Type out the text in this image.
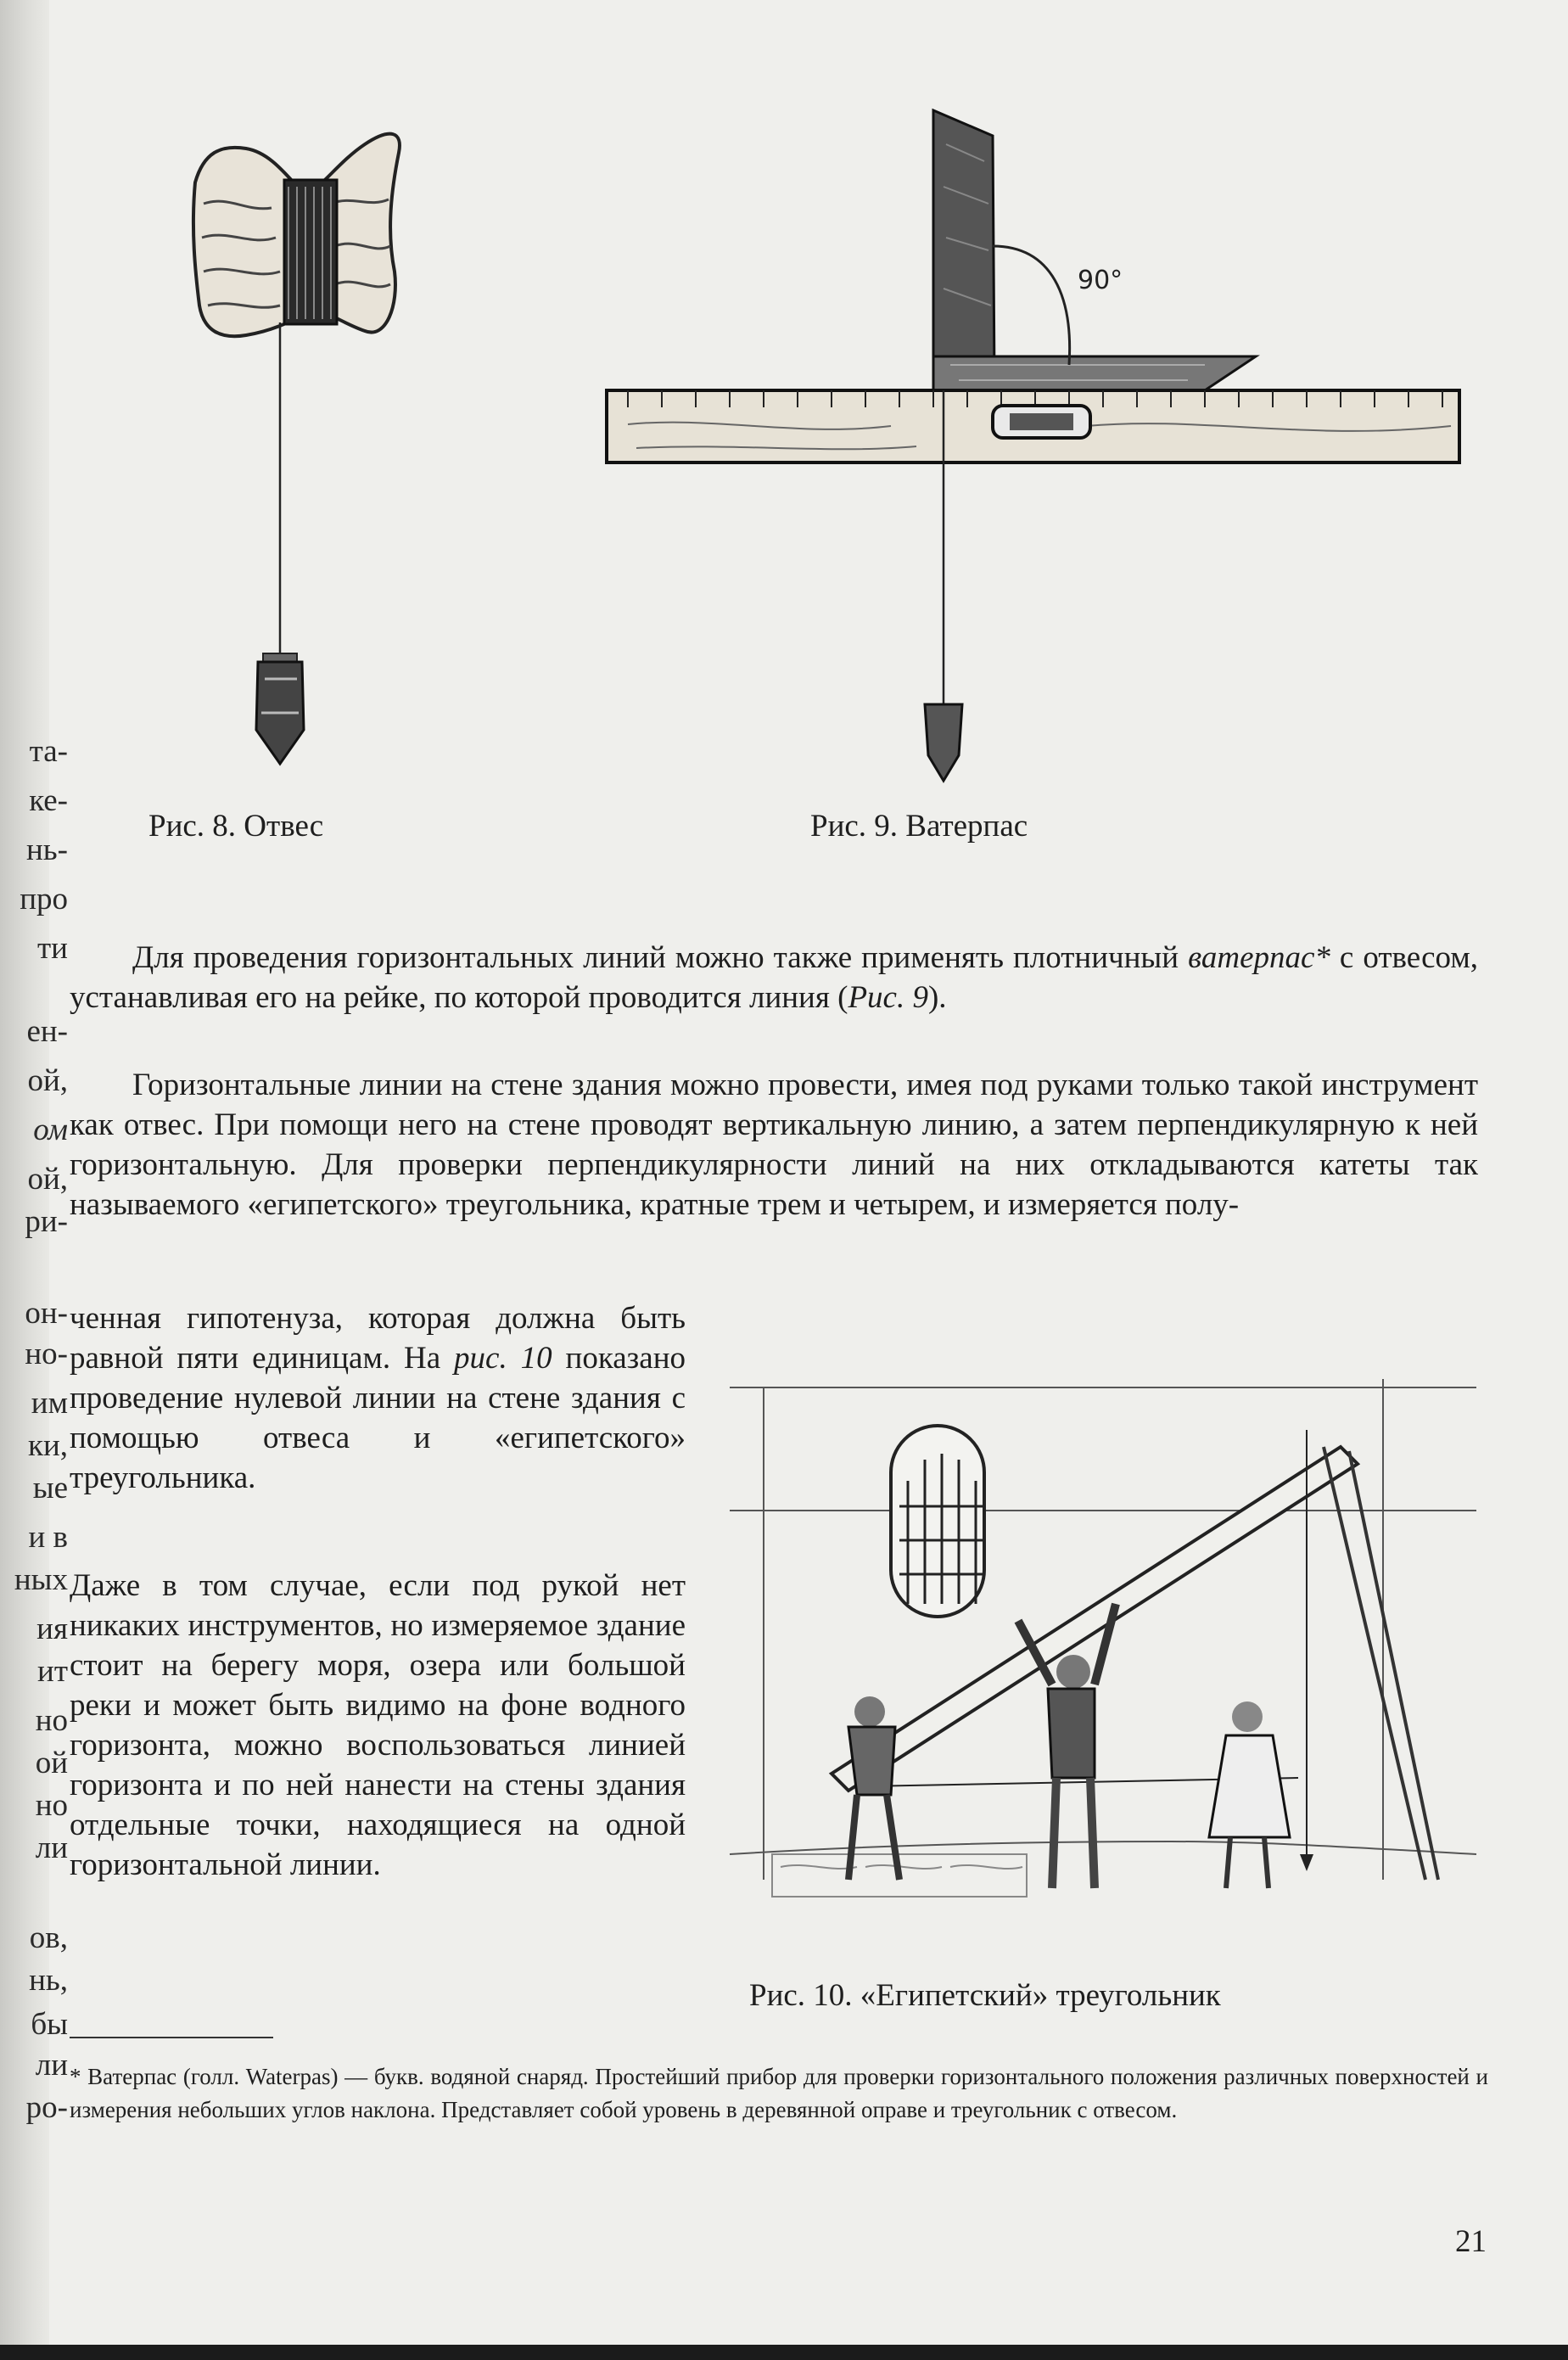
та-
ке-
нь-
про
ти
ен-
ой,
ом
ой,
ри-
он-
но-
им
ки,
ые
и в
ных
ия
ит
но
ой
но
ли
ов,
нь,
бы
ли
ро-
Рис. 8. Отвес
90°
Рис. 9. Ватерпас

Для проведения горизонтальных линий можно также применять плотничный ватерпас* с отвесом, устанавливая его на рейке, по которой проводится линия (Рис. 9).

Горизонтальные линии на стене здания можно провести, имея под руками только такой инструмент как отвес. При помощи него на стене проводят вертикальную линию, а затем перпендикулярную к ней горизонтальную. Для проверки перпендикулярности линий на них откладываются катеты так называемого «египетского» треугольника, кратные трем и четырем, и измеряется полу-

ченная гипотенуза, которая должна быть равной пяти единицам. На рис. 10 показано проведение нулевой линии на стене здания с помощью отвеса и «египетского» треугольника.

Даже в том случае, если под рукой нет никаких инструментов, но измеряемое здание стоит на берегу моря, озера или большой реки и может быть видимо на фоне водного горизонта, можно воспользоваться линией горизонта и по ней нанести на стены здания отдельные точки, находящиеся на одной горизонтальной линии.
Рис. 10. «Египетский» треугольник
* Ватерпас (голл. Waterpas) — букв. водяной снаряд. Простейший прибор для проверки горизонтального положения различных поверхностей и измерения небольших углов наклона. Представляет собой уровень в деревянной оправе и треугольник с отвесом.
21
